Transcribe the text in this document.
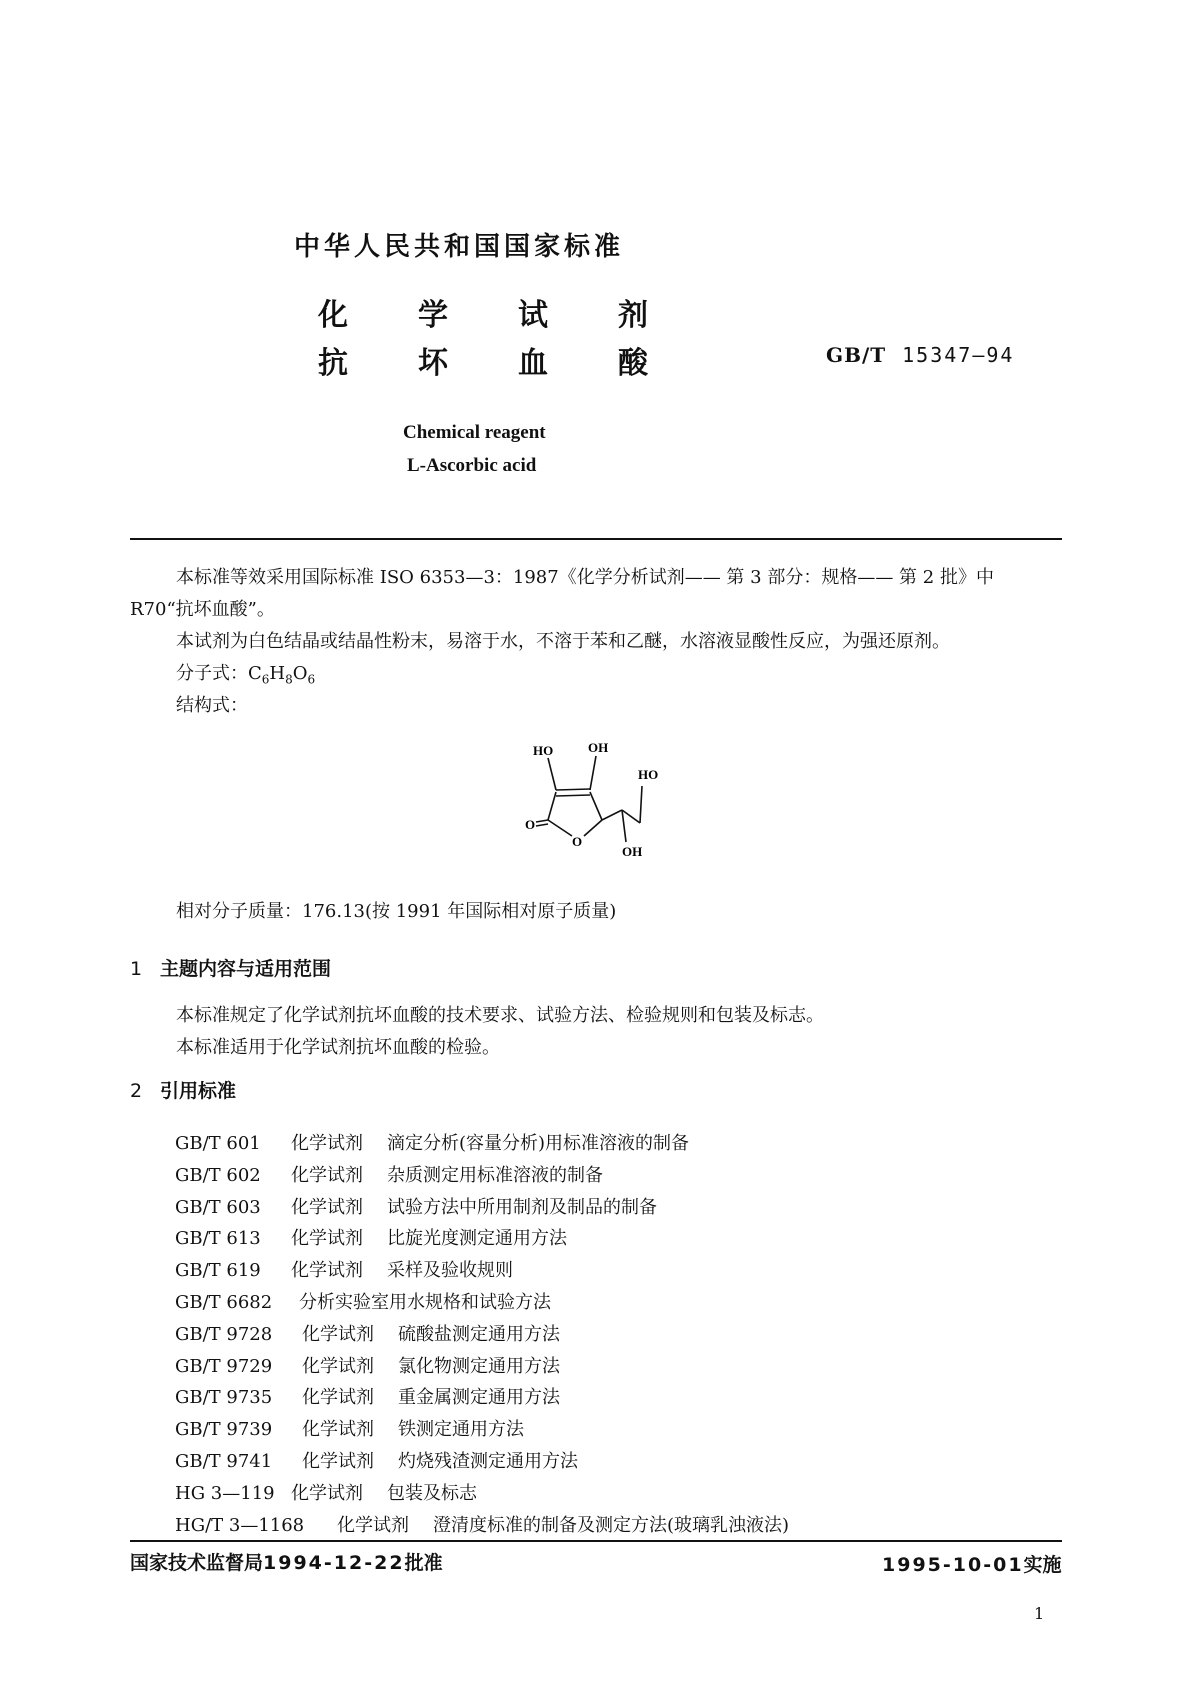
中华人民共和国国家标准
化 学 试 剂
抗 坏 血 酸	GB/T 15347—94
Chemical reagent
L-Ascorbic acid
本标准等效采用国际标准 ISO 6353—3：1987《化学分析试剂—— 第 3 部分：规格—— 第 2 批》中
R70“抗坏血酸”。
本试剂为白色结晶或结晶性粉末，易溶于水，不溶于苯和乙醚，水溶液显酸性反应，为强还原剂。
分子式：$C_6H_8O_6$
结构式：
HO	OH
HO
O
O
OH
相对分子质量：176.13(按 1991 年国际相对原子质量)
1 主题内容与适用范围
本标准规定了化学试剂抗坏血酸的技术要求、试验方法、检验规则和包装及标志。
本标准适用于化学试剂抗坏血酸的检验。
2 引用标准
GB/T 601 化学试剂 滴定分析(容量分析)用标准溶液的制备
GB/T 602 化学试剂 杂质测定用标准溶液的制备
GB/T 603 化学试剂 试验方法中所用制剂及制品的制备
GB/T 613 化学试剂 比旋光度测定通用方法
GB/T 619 化学试剂 采样及验收规则
GB/T 6682 分析实验室用水规格和试验方法
GB/T 9728 化学试剂 硫酸盐测定通用方法
GB/T 9729 化学试剂 氯化物测定通用方法
GB/T 9735 化学试剂 重金属测定通用方法
GB/T 9739 化学试剂 铁测定通用方法
GB/T 9741 化学试剂 灼烧残渣测定通用方法
HG 3—119 化学试剂 包装及标志
HG/T 3—1168 化学试剂 澄清度标准的制备及测定方法(玻璃乳浊液法)
国家技术监督局1994-12-22批准	1995-10-01实施
1
